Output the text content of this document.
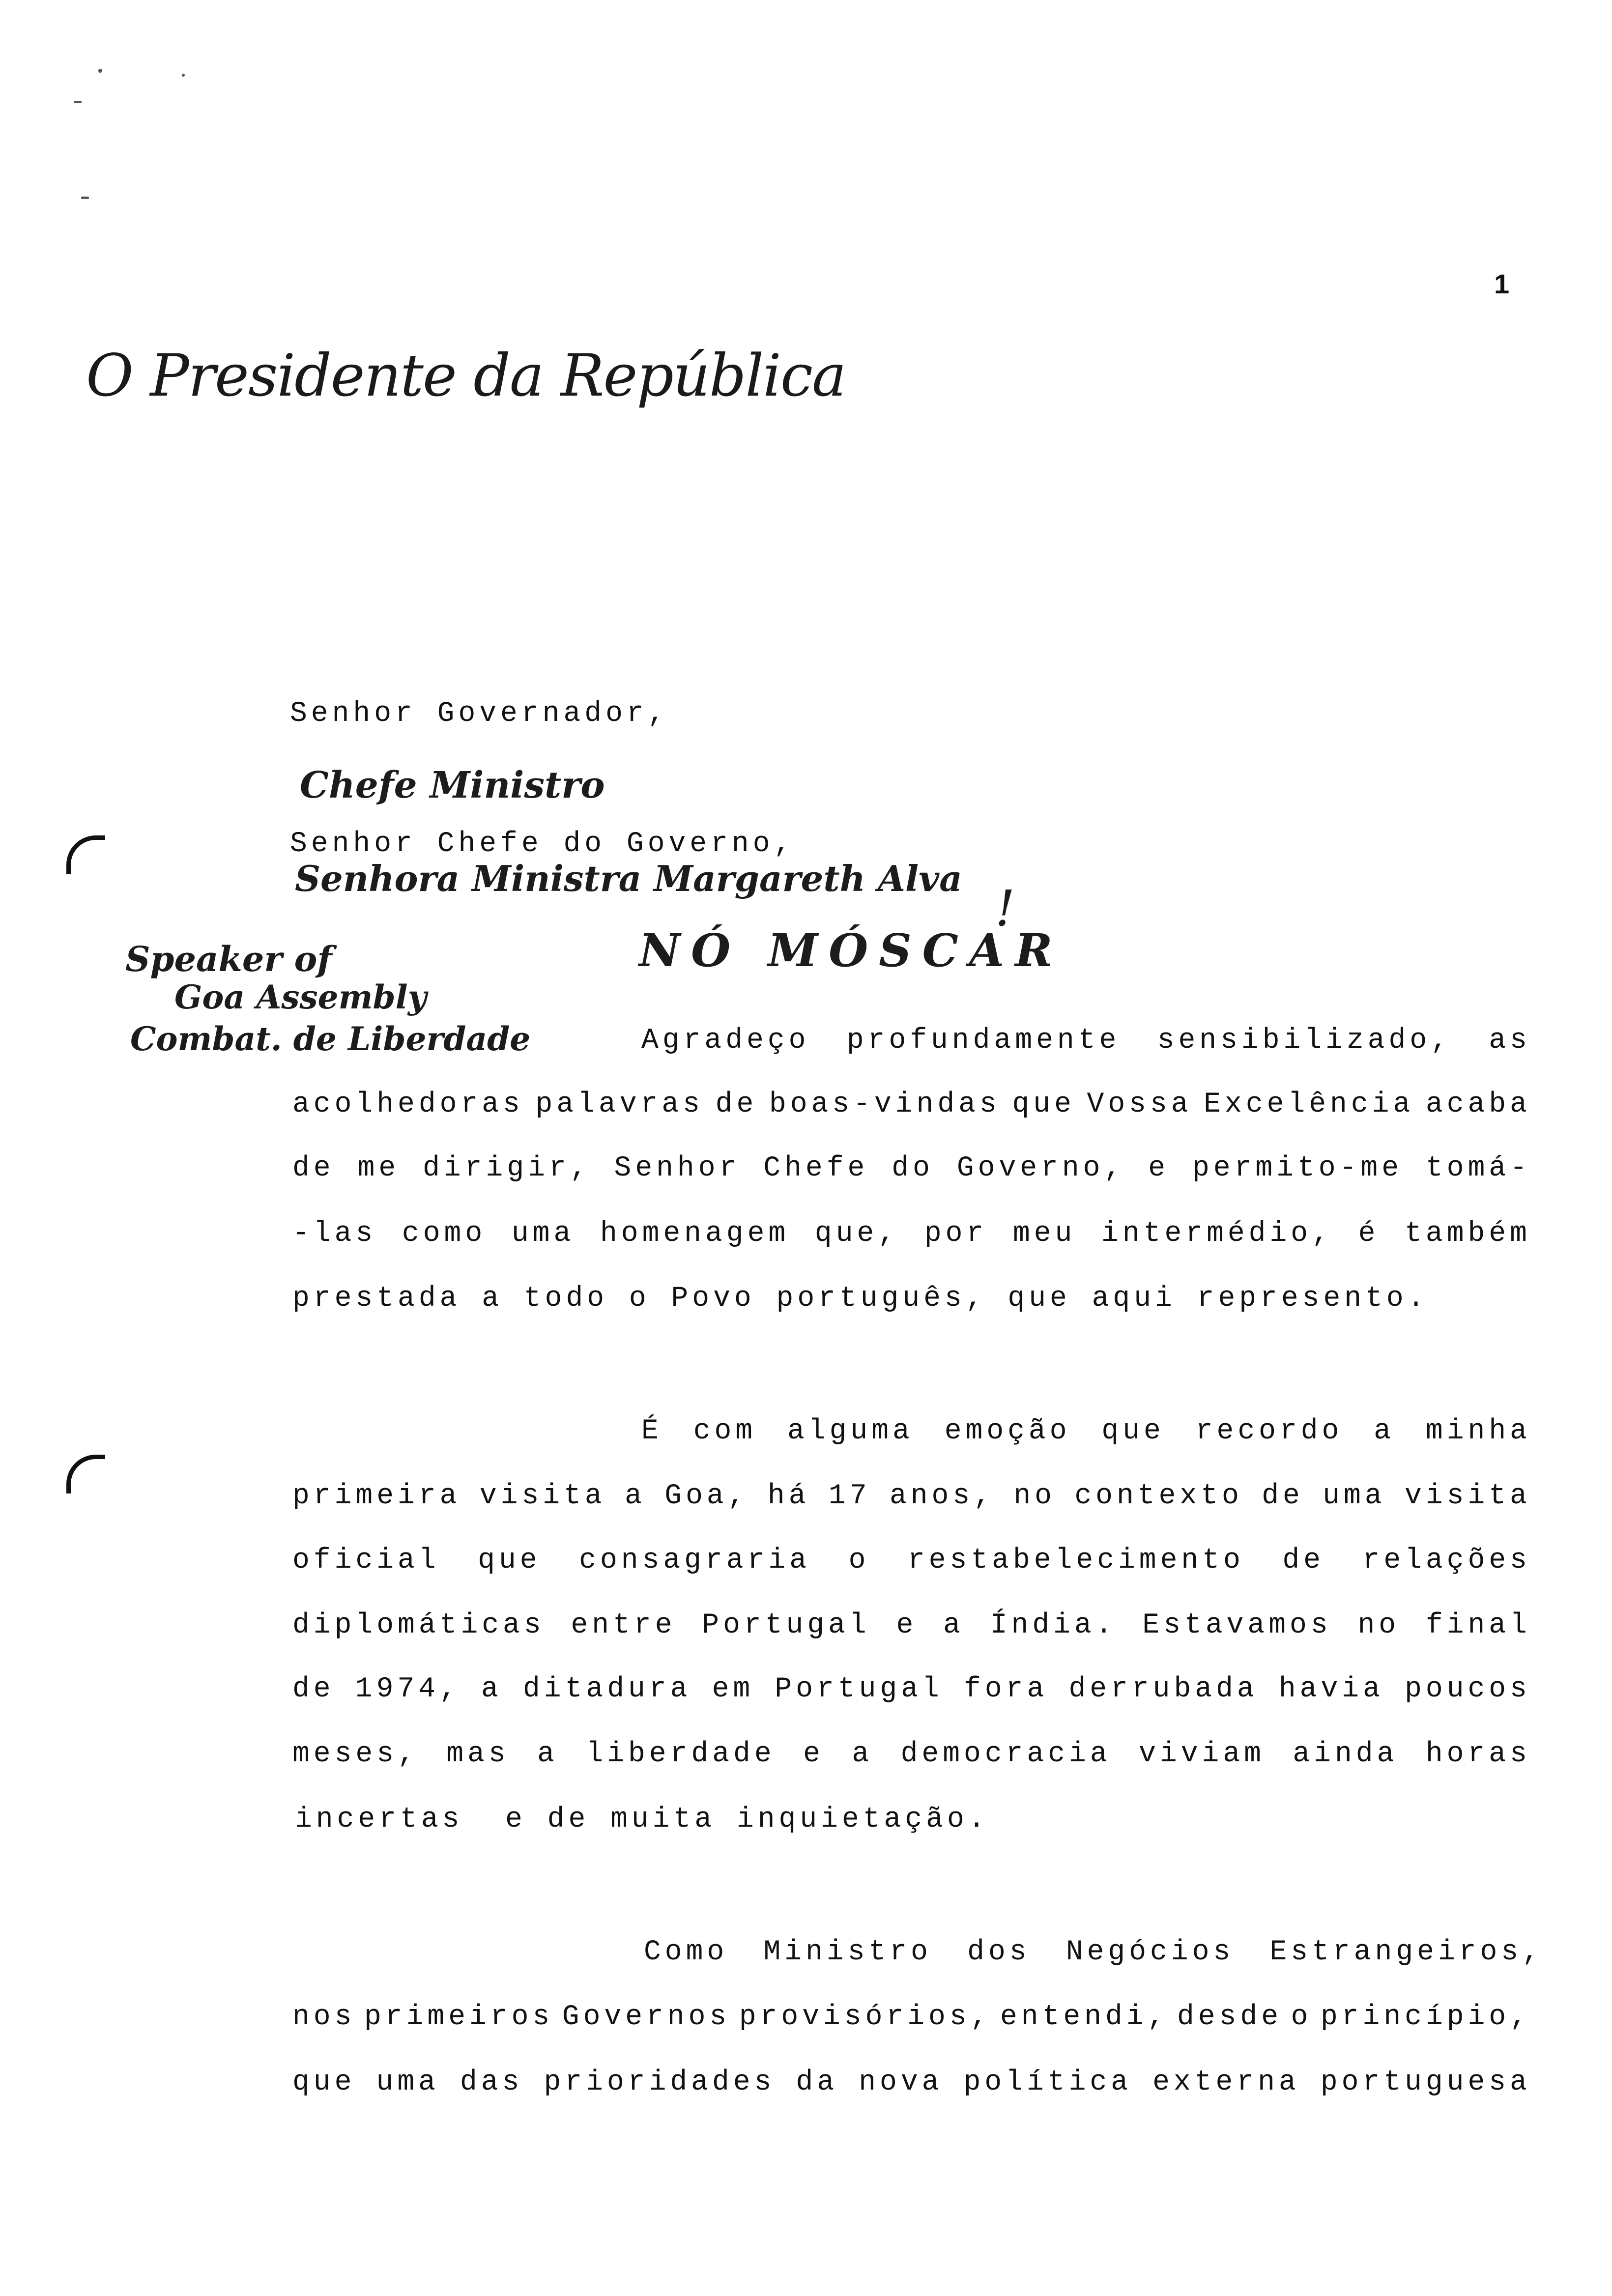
1
O Presidente da República
Senhor Governador,
Chefe Ministro
Senhor Chefe do Governo,
Senhora Ministra Margareth Alva
!
NÓ MÓSCAR
Speaker of
Goa Assembly
Combat. de Liberdade	Agradeço profundamente sensibilizado, as
acolhedoras palavras de boas-vindas que Vossa Excelência acaba
de me dirigir, Senhor Chefe do Governo, e permito-me tomá-
-las como uma homenagem que, por meu intermédio, é também
prestada a todo o Povo português, que aqui represento.
É com alguma emoção que recordo a minha
primeira visita a Goa, há 17 anos, no contexto de uma visita
oficial que consagraria o restabelecimento de relações
diplomáticas entre Portugal e a Índia. Estavamos no final
de 1974, a ditadura em Portugal fora derrubada havia poucos
meses, mas a liberdade e a democracia viviam ainda horas
incertas  e de muita inquietação.
Como Ministro dos Negócios Estrangeiros,
nos primeiros Governos provisórios, entendi, desde o princípio,
que uma das prioridades da nova política externa portuguesa
